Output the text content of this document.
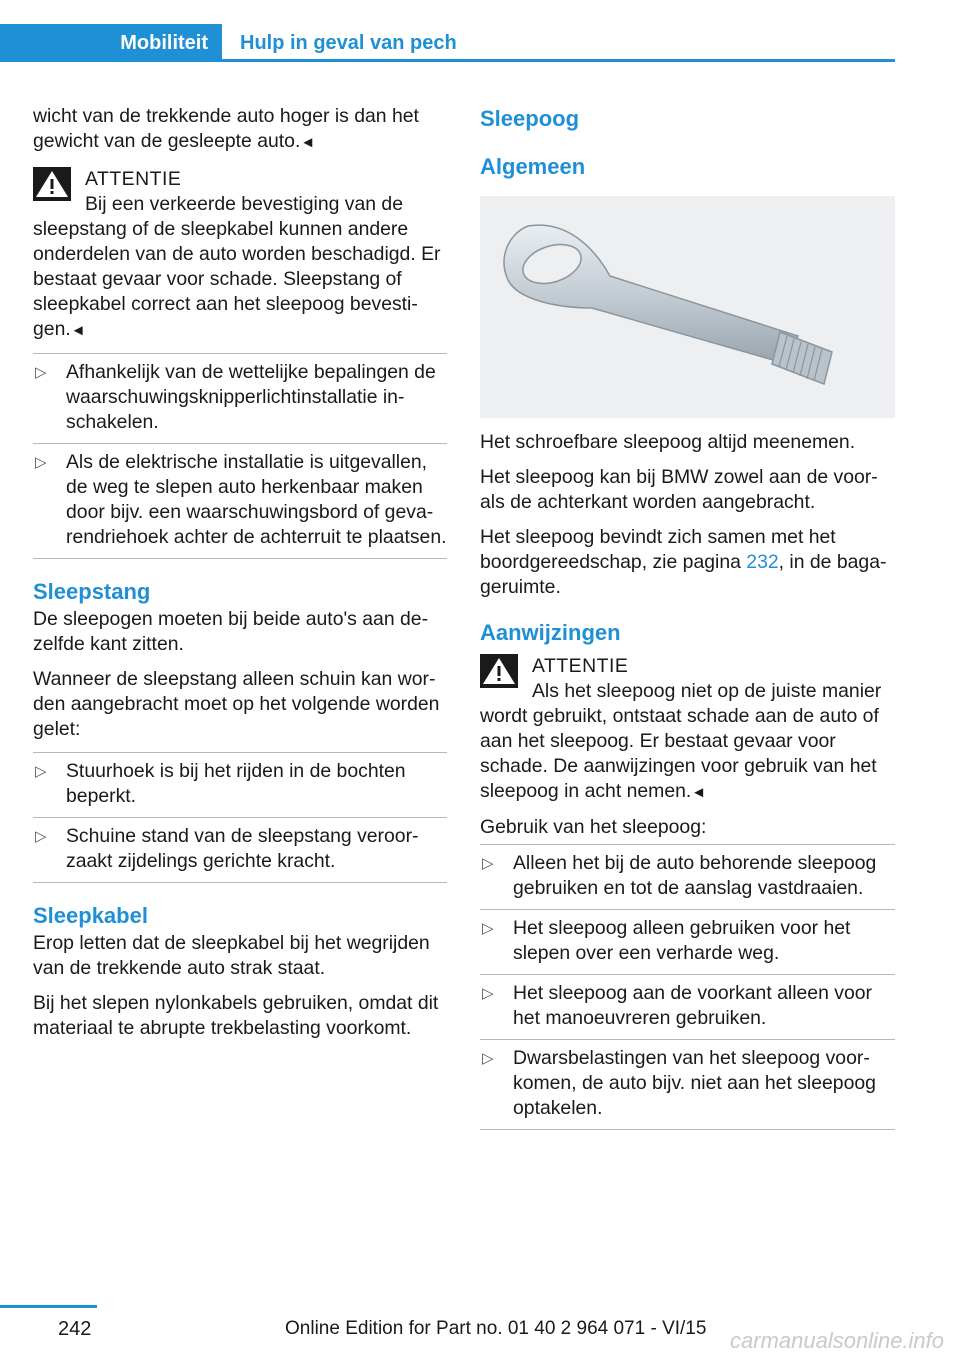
Mobiliteit	Hulp in geval van pech

wicht van de trekkende auto hoger is dan het gewicht van de gesleepte auto.◄

ATTENTIE
Bij een verkeerde bevestiging van de
sleepstang of de sleepkabel kunnen andere onderdelen van de auto worden beschadigd. Er bestaat gevaar voor schade. Sleepstang of sleepkabel correct aan het sleepoog bevestigen.◄
▷ Afhankelijk van de wettelijke bepalingen de waarschuwingsknipperlichtinstallatie inschakelen.
▷ Als de elektrische installatie is uitgevallen, de weg te slepen auto herkenbaar maken door bijv. een waarschuwingsbord of gevarendriehoek achter de achterruit te plaatsen.
Sleepstang

De sleepogen moeten bij beide auto's aan dezelfde kant zitten.

Wanneer de sleepstang alleen schuin kan worden aangebracht moet op het volgende worden gelet:

▷ Stuurhoek is bij het rijden in de bochten beperkt.
▷ Schuine stand van de sleepstang veroorzaakt zijdelings gerichte kracht.
Sleepkabel

Erop letten dat de sleepkabel bij het wegrijden van de trekkende auto strak staat.

Bij het slepen nylonkabels gebruiken, omdat dit materiaal te abrupte trekbelasting voorkomt.

Sleepoog
Algemeen

Het schroefbare sleepoog altijd meenemen.

Het sleepoog kan bij BMW zowel aan de voor- als de achterkant worden aangebracht.

Het sleepoog bevindt zich samen met het boordgereedschap, zie pagina 232, in de bagageruimte.

Aanwijzingen
ATTENTIE
Als het sleepoog niet op de juiste manier
wordt gebruikt, ontstaat schade aan de auto of aan het sleepoog. Er bestaat gevaar voor schade. De aanwijzingen voor gebruik van het sleepoog in acht nemen.◄

Gebruik van het sleepoog:

▷ Alleen het bij de auto behorende sleepoog gebruiken en tot de aanslag vastdraaien.
▷ Het sleepoog alleen gebruiken voor het slepen over een verharde weg.
▷ Het sleepoog aan de voorkant alleen voor het manoeuvreren gebruiken.
▷ Dwarsbelastingen van het sleepoog voorkomen, de auto bijv. niet aan het sleepoog optakelen.
242	Online Edition for Part no. 01 40 2 964 071 - VI/15 carmanualsonline.info
